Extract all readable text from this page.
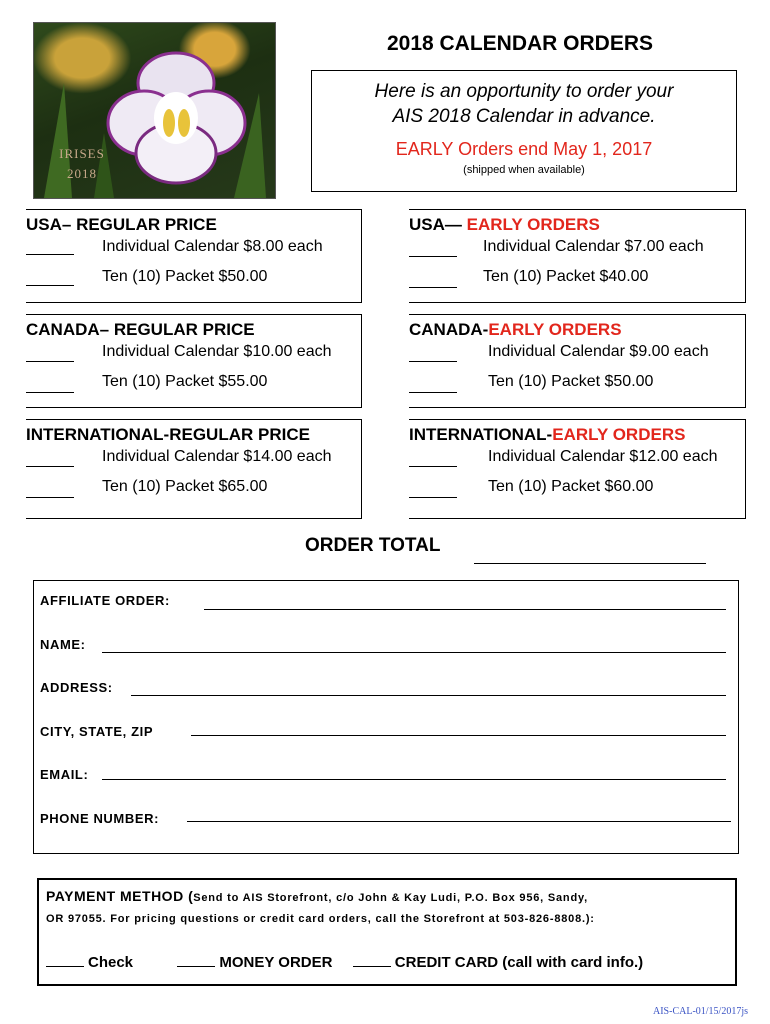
IRISES
2018
2018 CALENDAR ORDERS
Here is an opportunity to order your
AIS 2018 Calendar in advance.
EARLY Orders end May 1, 2017
(shipped when available)
USA– REGULAR PRICE
Individual Calendar $8.00 each
Ten (10) Packet $50.00
USA— EARLY ORDERS
Individual Calendar $7.00 each
Ten (10) Packet $40.00
CANADA– REGULAR PRICE
Individual Calendar $10.00 each
Ten (10) Packet $55.00
CANADA-EARLY ORDERS
Individual Calendar $9.00 each
Ten (10) Packet $50.00
INTERNATIONAL-REGULAR PRICE
Individual Calendar $14.00 each
Ten (10) Packet $65.00
INTERNATIONAL-EARLY ORDERS
Individual Calendar $12.00 each
Ten (10) Packet $60.00
ORDER TOTAL
AFFILIATE ORDER:
NAME:
ADDRESS:
CITY, STATE, ZIP
EMAIL:
PHONE NUMBER:
PAYMENT METHOD (Send to AIS Storefront, c/o John & Kay Ludi, P.O. Box 956, Sandy,
OR 97055. For pricing questions or credit card orders, call the Storefront at 503-826-8808.):
Check	MONEY ORDER	CREDIT CARD (call with card info.)
AIS-CAL-01/15/2017js
